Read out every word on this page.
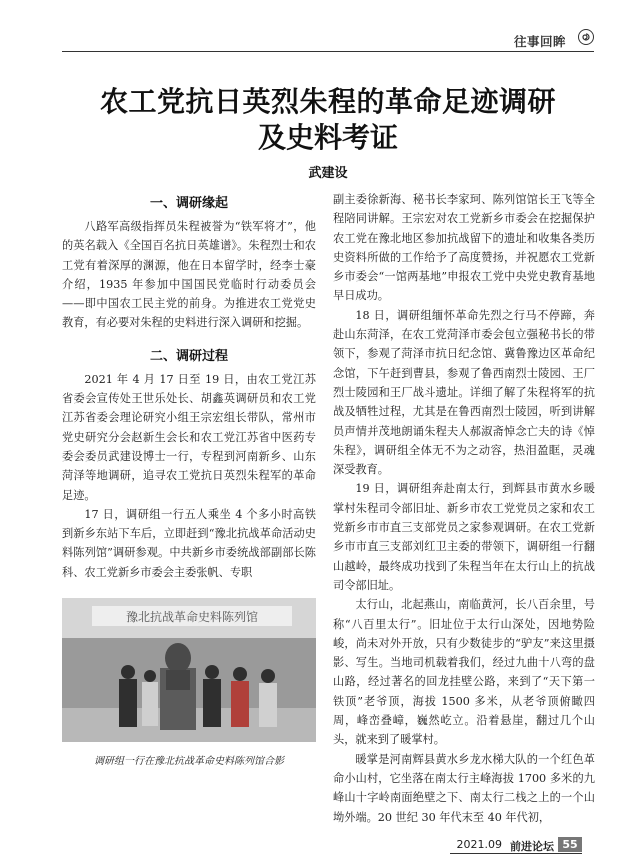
往事回眸
农工党抗日英烈朱程的革命足迹调研
及史料考证
武建设
一、调研缘起

八路军高级指挥员朱程被誉为“铁军将才”，他的英名载入《全国百名抗日英雄谱》。朱程烈士和农工党有着深厚的渊源，他在日本留学时，经李士豪介绍，1935 年参加中国国民党临时行动委员会——即中国农工民主党的前身。为推进农工党党史教育，有必要对朱程的史料进行深入调研和挖掘。

二、调研过程

2021 年 4 月 17 日至 19 日，由农工党江苏省委会宣传处王世乐处长、胡鑫英调研员和农工党江苏省委会理论研究小组王宗宏组长带队，常州市党史研究分会赵新生会长和农工党江苏省中医药专委会委员武建设博士一行，专程到河南新乡、山东菏泽等地调研，追寻农工党抗日英烈朱程军的革命足迹。

17 日，调研组一行五人乘坐 4 个多小时高铁到新乡东站下车后，立即赶到“豫北抗战革命活动史料陈列馆”调研参观。中共新乡市委统战部副部长陈科、农工党新乡市委会主委张帆、专职

豫北抗战革命史料陈列馆
调研组一行在豫北抗战革命史料陈列馆合影

副主委徐新海、秘书长李家珂、陈列馆馆长王飞等全程陪同讲解。王宗宏对农工党新乡市委会在挖掘保护农工党在豫北地区参加抗战留下的遗址和收集各类历史资料所做的工作给予了高度赞扬，并祝愿农工党新乡市委会“一馆两基地”申报农工党中央党史教育基地早日成功。

18 日，调研组缅怀革命先烈之行马不停蹄，奔赴山东菏泽，在农工党菏泽市委会包立强秘书长的带领下，参观了菏泽市抗日纪念馆、冀鲁豫边区革命纪念馆，下午赶到曹县，参观了鲁西南烈士陵园、王厂烈士陵园和王厂战斗遗址。详细了解了朱程将军的抗战及牺牲过程，尤其是在鲁西南烈士陵园，听到讲解员声情并茂地朗诵朱程夫人郝淑斋悼念亡夫的诗《悼朱程》，调研组全体无不为之动容，热泪盈眶，灵魂深受教育。

19 日，调研组奔赴南太行，到辉县市黄水乡暖掌村朱程司令部旧址、新乡市农工党党员之家和农工党新乡市市直三支部党员之家参观调研。在农工党新乡市市直三支部刘红卫主委的带领下，调研组一行翻山越岭，最终成功找到了朱程当年在太行山上的抗战司令部旧址。

太行山，北起燕山，南临黄河，长八百余里，号称“八百里太行”。旧址位于太行山深处，因地势险峻，尚未对外开放，只有少数徒步的“驴友”来这里摄影、写生。当地司机载着我们，经过九曲十八弯的盘山路，经过著名的回龙挂壁公路，来到了“天下第一铁顶”老爷顶，海拔 1500 多米，从老爷顶俯瞰四周，峰峦叠嶂，巍然屹立。沿着悬崖，翻过几个山头，就来到了暖掌村。

暖掌是河南辉县黄水乡龙水梯大队的一个红色革命小山村，它坐落在南太行主峰海拔 1700 多米的九峰山十字岭南面绝壁之下、南太行二栈之上的一个山坳外端。20 世纪 30 年代末至 40 年代初，

2021.09 前进论坛 55
